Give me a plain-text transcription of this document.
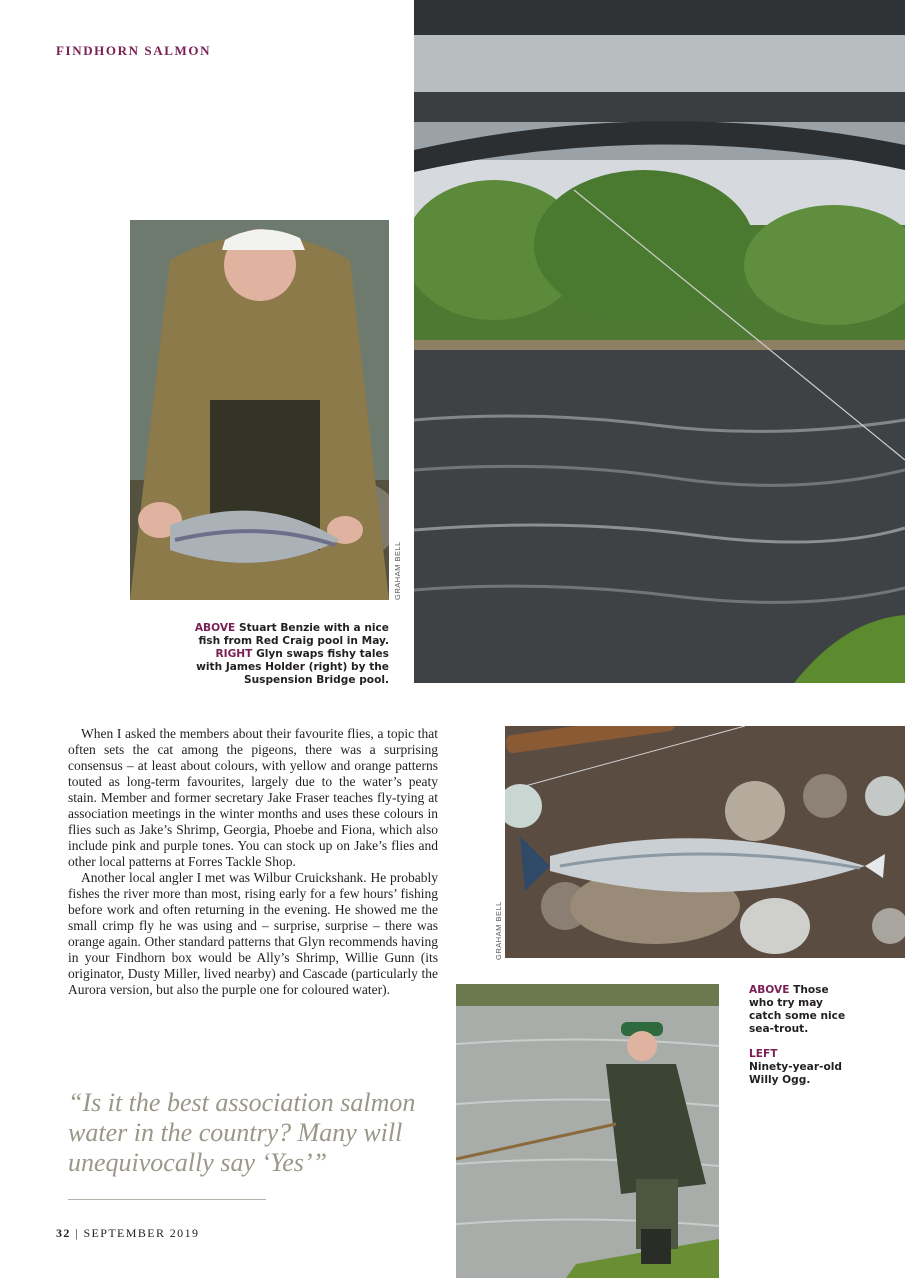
FINDHORN SALMON
GRAHAM BELL
ABOVE Stuart Benzie with a nice fish from Red Craig pool in May. RIGHT Glyn swaps fishy tales with James Holder (right) by the Suspension Bridge pool.

When I asked the members about their favourite flies, a topic that often sets the cat among the pigeons, there was a surprising consensus – at least about colours, with yellow and orange patterns touted as long-term favourites, largely due to the water’s peaty stain. Member and former secretary Jake Fraser teaches fly-tying at association meetings in the winter months and uses these colours in flies such as Jake’s Shrimp, Georgia, Phoebe and Fiona, which also include pink and purple tones. You can stock up on Jake’s flies and other local patterns at Forres Tackle Shop.

Another local angler I met was Wilbur Cruickshank. He probably fishes the river more than most, rising early for a few hours’ fishing before work and often returning in the evening. He showed me the small crimp fly he was using and – surprise, surprise – there was orange again. Other standard patterns that Glyn recommends having in your Findhorn box would be Ally’s Shrimp, Willie Gunn (its originator, Dusty Miller, lived nearby) and Cascade (particularly the Aurora version, but also the purple one for coloured water).

GRAHAM BELL
ABOVE Those who try may catch some nice sea-trout.
LEFT
Ninety-year-old Willy Ogg.
“Is it the best association salmon water in the country? Many will unequivocally say ‘Yes’”
32 | SEPTEMBER 2019
